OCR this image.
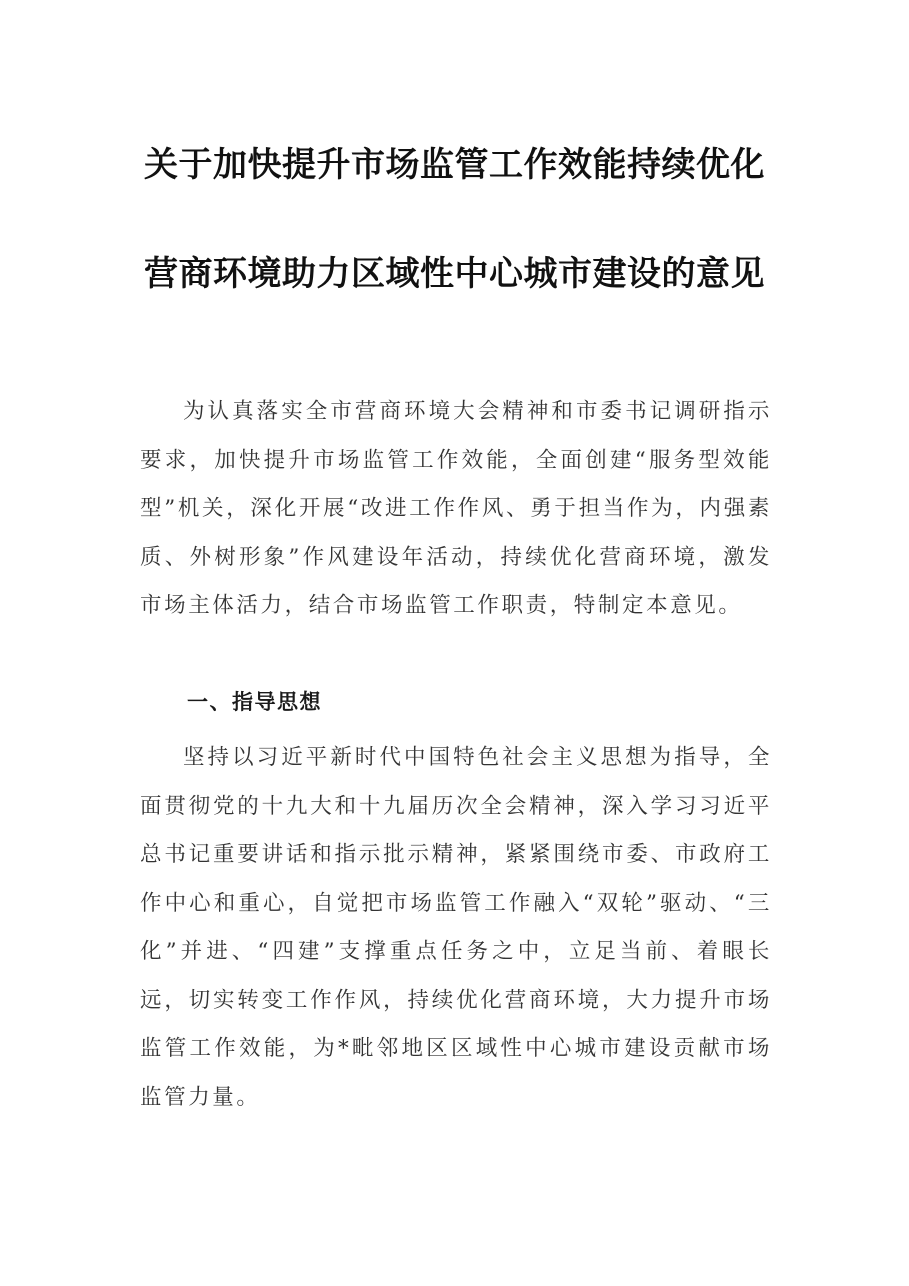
关于加快提升市场监管工作效能持续优化
营商环境助力区域性中心城市建设的意见

为认真落实全市营商环境大会精神和市委书记调研指示要求，加快提升市场监管工作效能，全面创建“服务型效能型”机关，深化开展“改进工作作风、勇于担当作为，内强素质、外树形象”作风建设年活动，持续优化营商环境，激发市场主体活力，结合市场监管工作职责，特制定本意见。

一、指导思想

坚持以习近平新时代中国特色社会主义思想为指导，全面贯彻党的十九大和十九届历次全会精神，深入学习习近平总书记重要讲话和指示批示精神，紧紧围绕市委、市政府工作中心和重心，自觉把市场监管工作融入“双轮”驱动、“三化”并进、“四建”支撑重点任务之中，立足当前、着眼长远，切实转变工作作风，持续优化营商环境，大力提升市场监管工作效能，为*毗邻地区区域性中心城市建设贡献市场监管力量。
